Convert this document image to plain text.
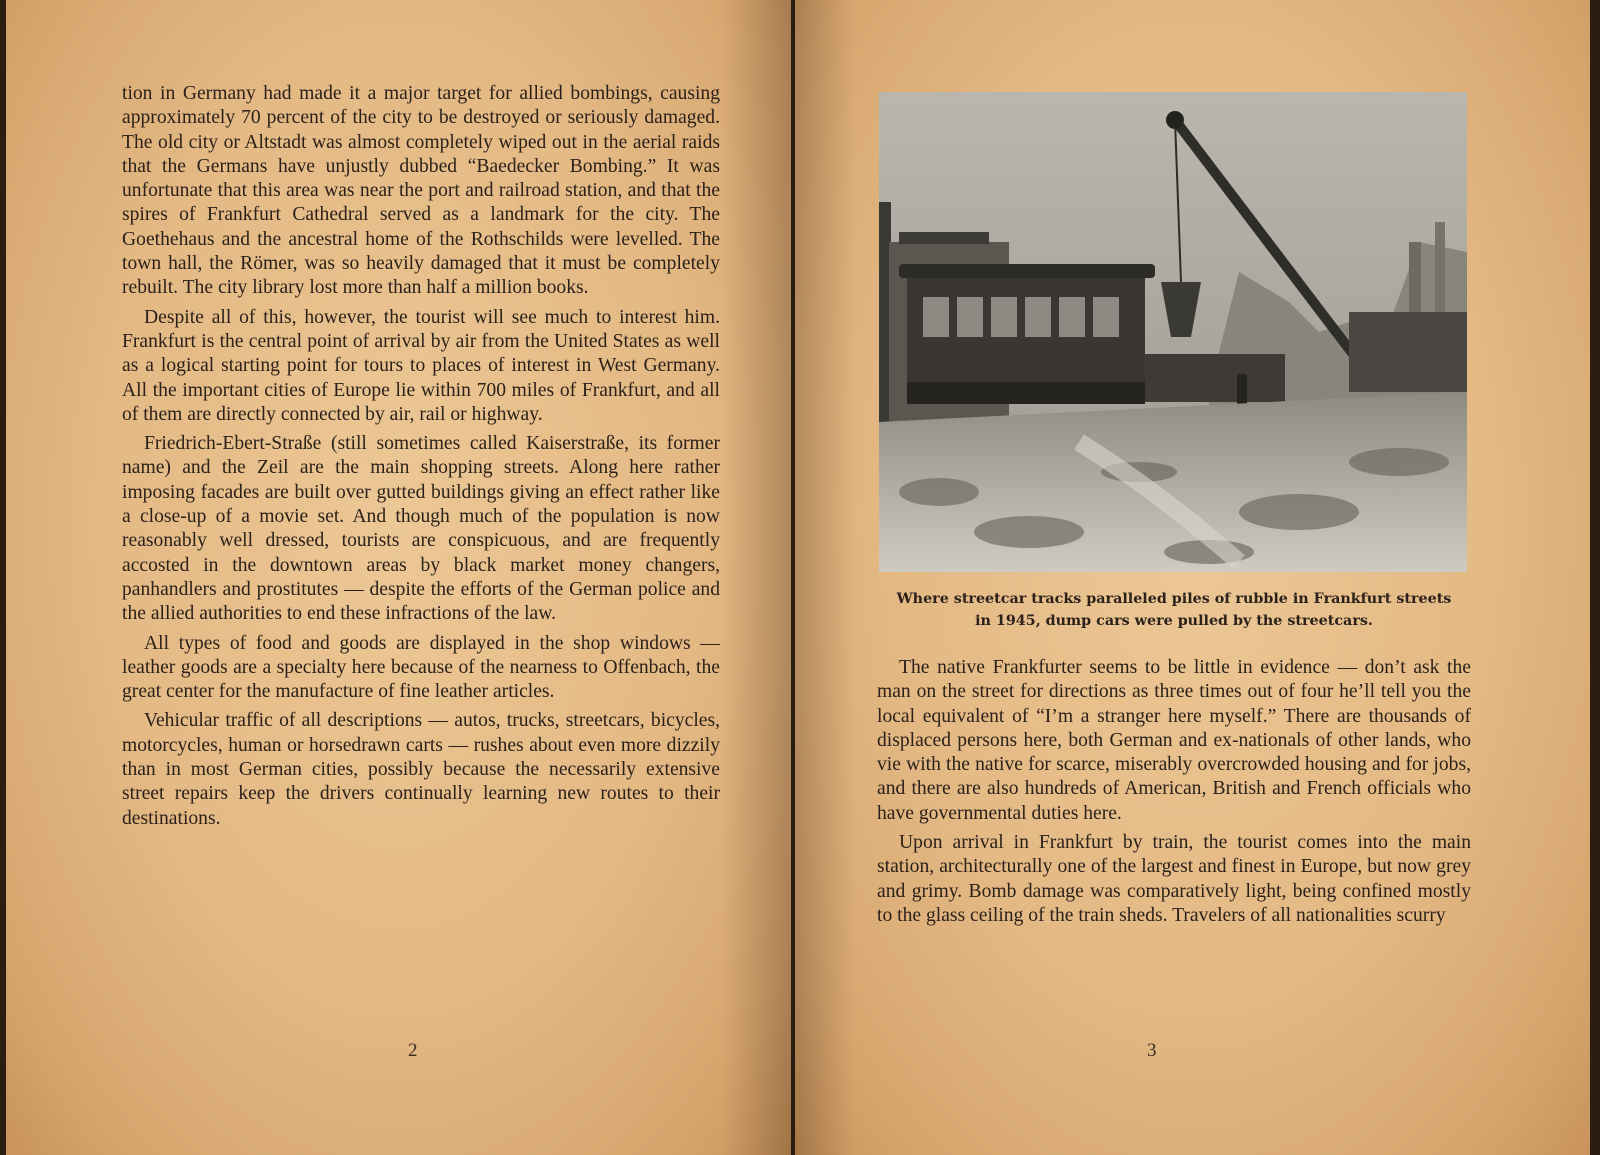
tion in Germany had made it a major target for allied bombings, causing approximately 70 percent of the city to be destroyed or seriously damaged. The old city or Altstadt was almost completely wiped out in the aerial raids that the Germans have unjustly dubbed “Baedecker Bombing.” It was unfortunate that this area was near the port and railroad station, and that the spires of Frankfurt Cathedral served as a landmark for the city. The Goethehaus and the ancestral home of the Rothschilds were levelled. The town hall, the Römer, was so heavily damaged that it must be completely rebuilt. The city library lost more than half a million books.

Despite all of this, however, the tourist will see much to interest him. Frankfurt is the central point of arrival by air from the United States as well as a logical starting point for tours to places of interest in West Germany. All the important cities of Europe lie within 700 miles of Frankfurt, and all of them are directly connected by air, rail or highway.

Friedrich-Ebert-Straße (still sometimes called Kaiserstraße, its former name) and the Zeil are the main shopping streets. Along here rather imposing facades are built over gutted buildings giving an effect rather like a close-up of a movie set. And though much of the population is now reasonably well dressed, tourists are conspicuous, and are frequently accosted in the downtown areas by black market money changers, panhandlers and prostitutes — despite the efforts of the German police and the allied authorities to end these infractions of the law.

All types of food and goods are displayed in the shop windows — leather goods are a specialty here because of the nearness to Offenbach, the great center for the manufacture of fine leather articles.

Vehicular traffic of all descriptions — autos, trucks, streetcars, bicycles, motorcycles, human or horsedrawn carts — rushes about even more dizzily than in most German cities, possibly because the necessarily extensive street repairs keep the drivers continually learning new routes to their destinations.

2
Where streetcar tracks paralleled piles of rubble in Frankfurt streets in 1945, dump cars were pulled by the streetcars.

The native Frankfurter seems to be little in evidence — don’t ask the man on the street for directions as three times out of four he’ll tell you the local equivalent of “I’m a stranger here myself.” There are thousands of displaced persons here, both German and ex-nationals of other lands, who vie with the native for scarce, miserably overcrowded housing and for jobs, and there are also hundreds of American, British and French officials who have governmental duties here.

Upon arrival in Frankfurt by train, the tourist comes into the main station, architecturally one of the largest and finest in Europe, but now grey and grimy. Bomb damage was comparatively light, being confined mostly to the glass ceiling of the train sheds. Travelers of all nationalities scurry

3
